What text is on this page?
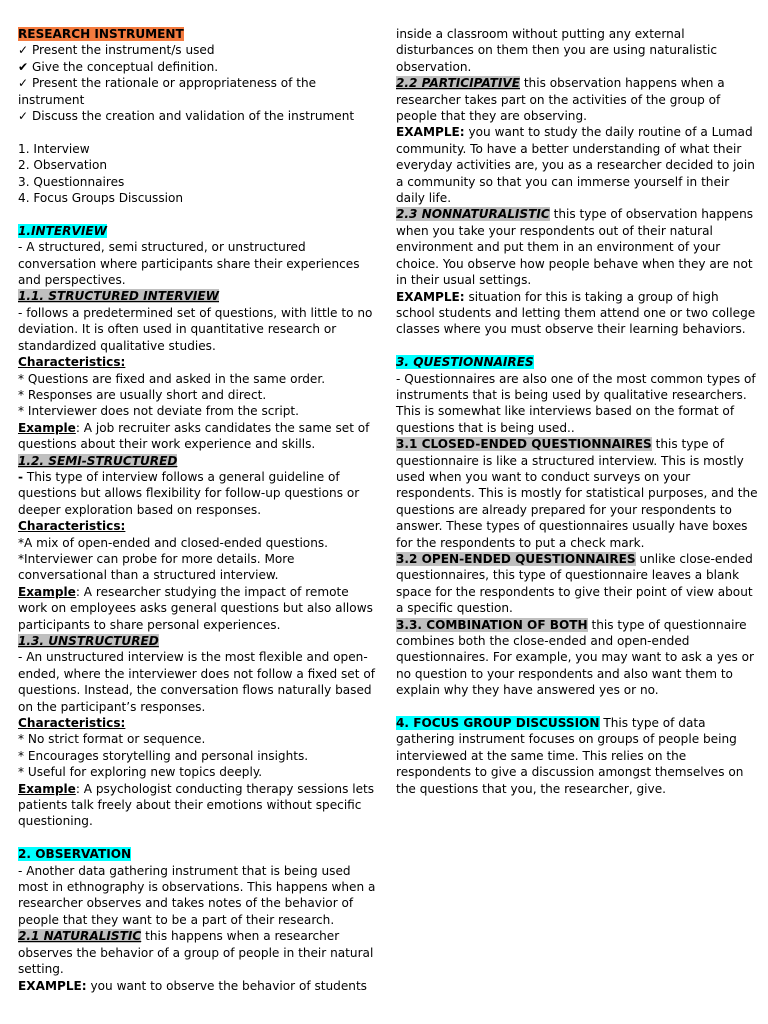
RESEARCH INSTRUMENT

✓ Present the instrument/s used

✔ Give the conceptual definition.

✓ Present the rationale or appropriateness of the instrument

✓ Discuss the creation and validation of the instrument

1. Interview

2. Observation

3. Questionnaires

4. Focus Groups Discussion

1.INTERVIEW

- A structured, semi structured, or unstructured conversation where participants share their experiences and perspectives.

1.1. STRUCTURED INTERVIEW

- follows a predetermined set of questions, with little to no deviation. It is often used in quantitative research or standardized qualitative studies.

Characteristics:

* Questions are fixed and asked in the same order.

* Responses are usually short and direct.

* Interviewer does not deviate from the script.

Example: A job recruiter asks candidates the same set of questions about their work experience and skills.

1.2. SEMI-STRUCTURED

- This type of interview follows a general guideline of questions but allows flexibility for follow-up questions or deeper exploration based on responses.

Characteristics:

*A mix of open-ended and closed-ended questions.

*Interviewer can probe for more details. More conversational than a structured interview.

Example: A researcher studying the impact of remote work on employees asks general questions but also allows participants to share personal experiences.

1.3. UNSTRUCTURED

- An unstructured interview is the most flexible and open-ended, where the interviewer does not follow a fixed set of questions. Instead, the conversation flows naturally based on the participant’s responses.

Characteristics:

* No strict format or sequence.

* Encourages storytelling and personal insights.

* Useful for exploring new topics deeply.

Example: A psychologist conducting therapy sessions lets patients talk freely about their emotions without specific questioning.

2. OBSERVATION

- Another data gathering instrument that is being used most in ethnography is observations. This happens when a researcher observes and takes notes of the behavior of people that they want to be a part of their research.

2.1 NATURALISTIC this happens when a researcher observes the behavior of a group of people in their natural setting.

EXAMPLE: you want to observe the behavior of students

inside a classroom without putting any external disturbances on them then you are using naturalistic observation.

2.2 PARTICIPATIVE this observation happens when a researcher takes part on the activities of the group of people that they are observing.

EXAMPLE: you want to study the daily routine of a Lumad community. To have a better understanding of what their everyday activities are, you as a researcher decided to join a community so that you can immerse yourself in their daily life.

2.3 NONNATURALISTIC this type of observation happens when you take your respondents out of their natural environment and put them in an environment of your choice. You observe how people behave when they are not in their usual settings.

EXAMPLE: situation for this is taking a group of high school students and letting them attend one or two college classes where you must observe their learning behaviors.

3. QUESTIONNAIRES

- Questionnaires are also one of the most common types of instruments that is being used by qualitative researchers. This is somewhat like interviews based on the format of questions that is being used..

3.1 CLOSED-ENDED QUESTIONNAIRES this type of questionnaire is like a structured interview. This is mostly used when you want to conduct surveys on your respondents. This is mostly for statistical purposes, and the questions are already prepared for your respondents to answer. These types of questionnaires usually have boxes for the respondents to put a check mark.

3.2 OPEN-ENDED QUESTIONNAIRES unlike close-ended questionnaires, this type of questionnaire leaves a blank space for the respondents to give their point of view about a specific question.

3.3. COMBINATION OF BOTH this type of questionnaire combines both the close-ended and open-ended questionnaires. For example, you may want to ask a yes or no question to your respondents and also want them to explain why they have answered yes or no.

4. FOCUS GROUP DISCUSSION This type of data gathering instrument focuses on groups of people being interviewed at the same time. This relies on the respondents to give a discussion amongst themselves on the questions that you, the researcher, give.
